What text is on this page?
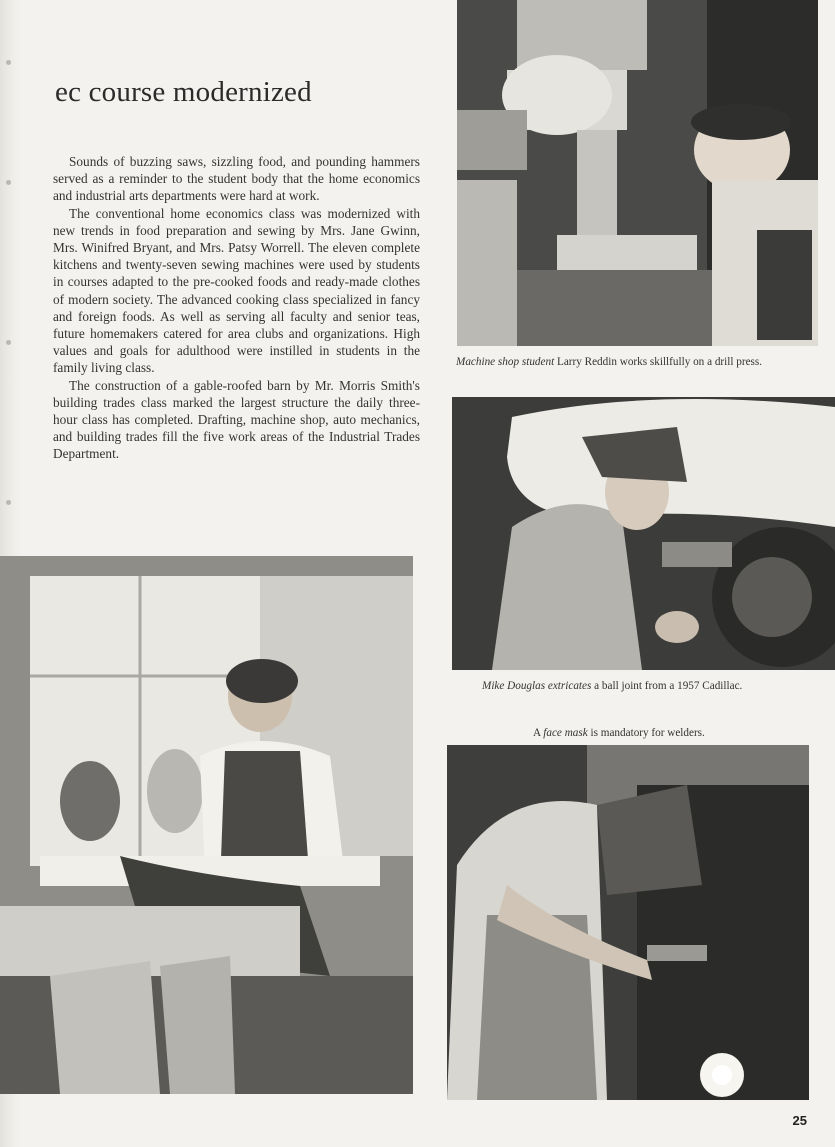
ec course modernized

Sounds of buzzing saws, sizzling food, and pounding hammers served as a reminder to the student body that the home economics and industrial arts departments were hard at work.

The conventional home economics class was modernized with new trends in food preparation and sewing by Mrs. Jane Gwinn, Mrs. Winifred Bryant, and Mrs. Patsy Worrell. The eleven complete kitchens and twenty-seven sewing machines were used by students in courses adapted to the pre-cooked foods and ready-made clothes of modern society. The advanced cooking class specialized in fancy and foreign foods. As well as serving all faculty and senior teas, future homemakers catered for area clubs and organizations. High values and goals for adulthood were instilled in students in the family living class.

The construction of a gable-roofed barn by Mr. Morris Smith's building trades class marked the largest structure the daily three-hour class has completed. Drafting, machine shop, auto mechanics, and building trades fill the five work areas of the Industrial Trades Department.

Machine shop student Larry Reddin works skillfully on a drill press.
Mike Douglas extricates a ball joint from a 1957 Cadillac.
A face mask is mandatory for welders.
25
